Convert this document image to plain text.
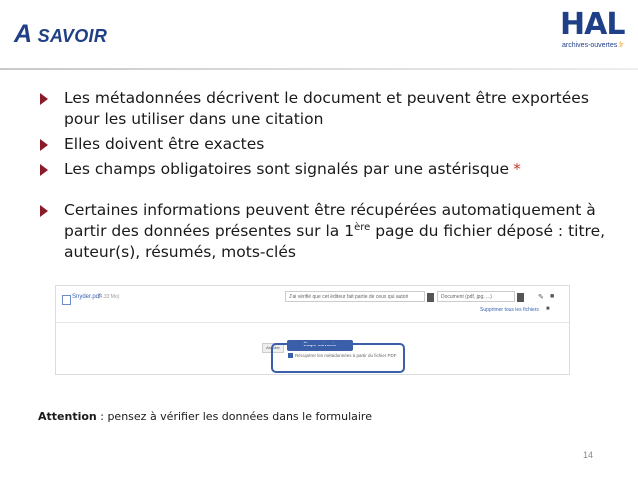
A SAVOIR	HAL
archives-ouvertes.fr
Les métadonnées décrivent le document et peuvent être exportées pour les utiliser dans une citation
Elles doivent être exactes
Les champs obligatoires sont signalés par une astérisque *
Certaines informations peuvent être récupérées automatiquement à partir des données présentes sur la 1ère page du fichier déposé : titre, auteur(s), résumés, mots-clés
Snyder.pdf
(4.33 Mo)	J'ai vérifié que cet éditeur fait partie de ceux qui autori	Document (pdf, jpg, ...)	✎ ■
Supprimer tous les fichiers ■
Annuler	Étape suivante
Récupérer les métadonnées à partir du fichier PDF
Attention : pensez à vérifier les données dans le formulaire
14
